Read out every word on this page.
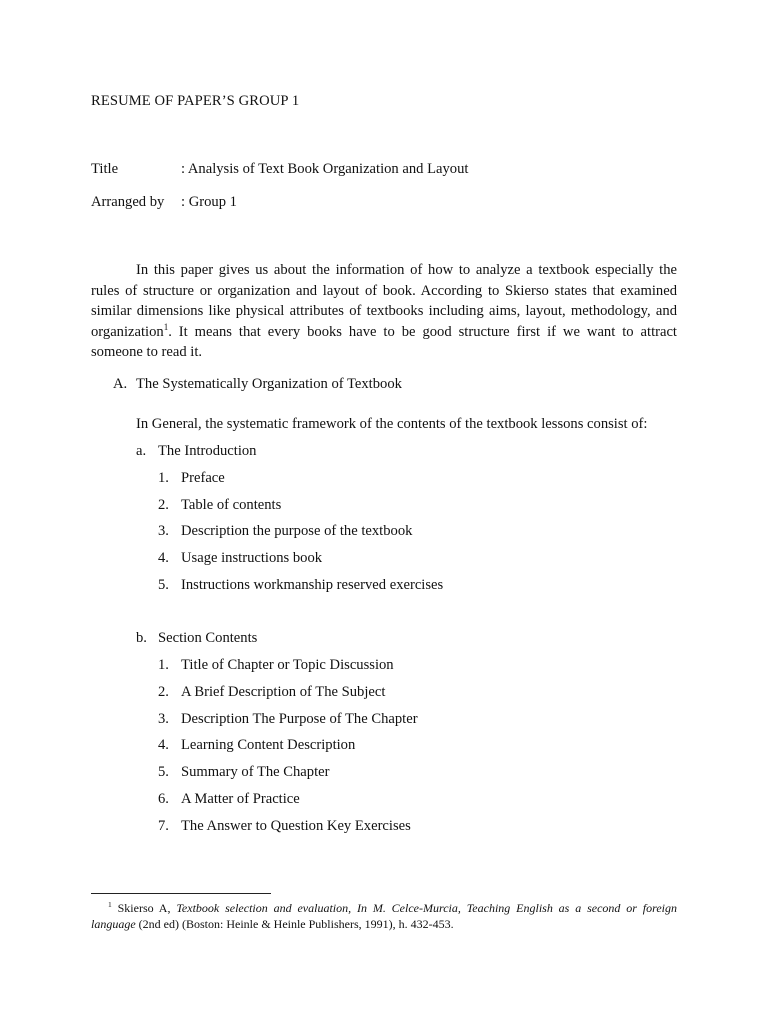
RESUME OF PAPER’S GROUP 1
Title	: Analysis of Text Book Organization and Layout
Arranged by : Group 1

In this paper gives us about the information of how to analyze a textbook especially the
rules of structure or organization and layout of book. According to Skierso states that examined
similar dimensions like physical attributes of textbooks including aims, layout, methodology, and
organization$^1$. It means that every books have to be good structure first if we want to attract
someone to read it.

A. The Systematically Organization of Textbook
In General, the systematic framework of the contents of the textbook lessons consist of:
a. The Introduction
1. Preface
2. Table of contents
3. Description the purpose of the textbook
4. Usage instructions book
5. Instructions workmanship reserved exercises
b. Section Contents
1. Title of Chapter or Topic Discussion
2. A Brief Description of The Subject
3. Description The Purpose of The Chapter
4. Learning Content Description
5. Summary of The Chapter
6. A Matter of Practice
7. The Answer to Question Key Exercises
$^1$ Skierso A, Textbook selection and evaluation, In M. Celce-Murcia, Teaching English as a second or foreign
language (2nd ed) (Boston: Heinle & Heinle Publishers, 1991), h. 432-453.
